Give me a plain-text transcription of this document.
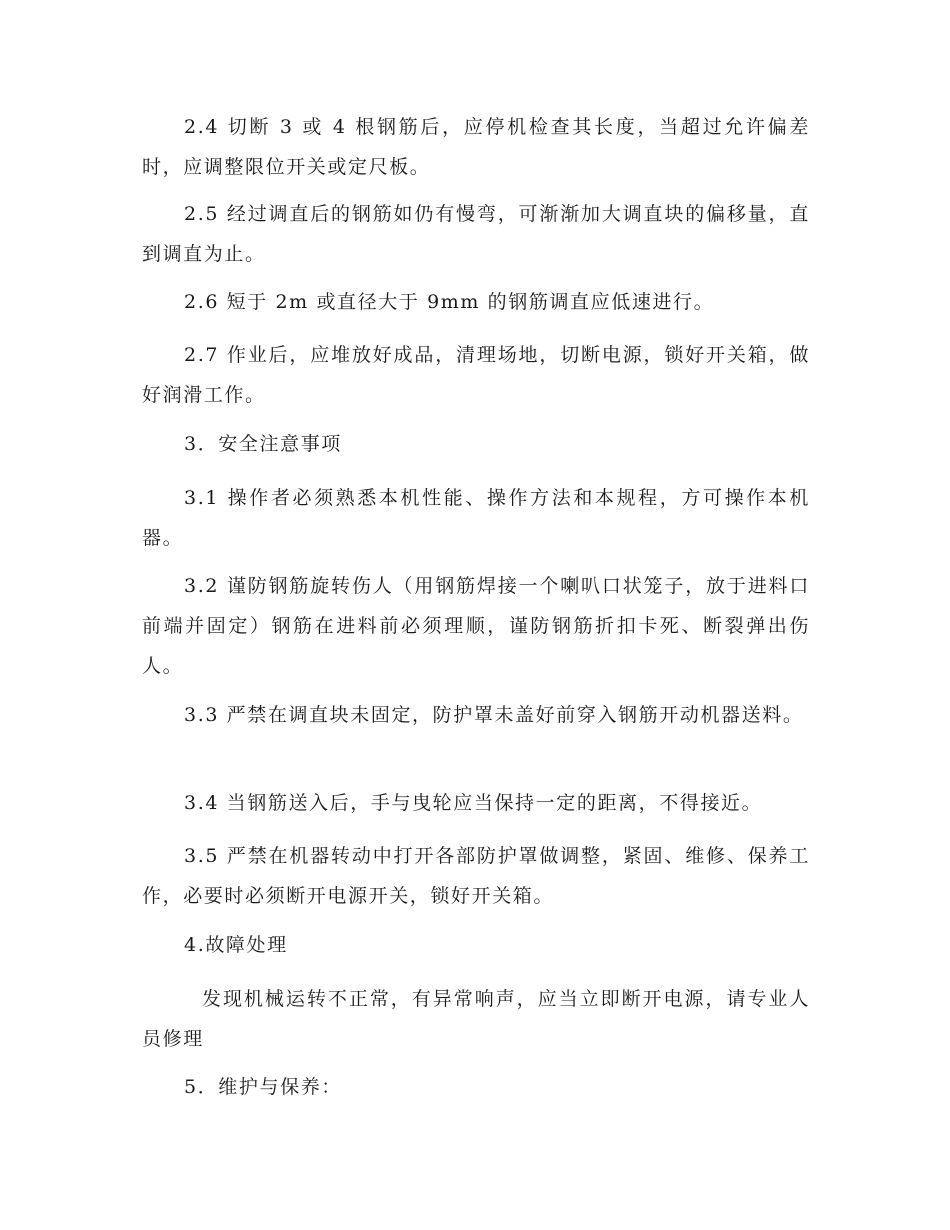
2.4 切断 3 或 4 根钢筋后，应停机检查其长度，当超过允许偏差时，应调整限位开关或定尺板。

2.5 经过调直后的钢筋如仍有慢弯，可渐渐加大调直块的偏移量，直到调直为止。

2.6 短于 2m 或直径大于 9mm 的钢筋调直应低速进行。

2.7 作业后，应堆放好成品，清理场地，切断电源，锁好开关箱，做好润滑工作。

3．安全注意事项

3.1 操作者必须熟悉本机性能、操作方法和本规程，方可操作本机器。

3.2 谨防钢筋旋转伤人（用钢筋焊接一个喇叭口状笼子，放于进料口前端并固定）钢筋在进料前必须理顺，谨防钢筋折扣卡死、断裂弹出伤人。

3.3 严禁在调直块未固定，防护罩未盖好前穿入钢筋开动机器送料。

3.4 当钢筋送入后，手与曳轮应当保持一定的距离，不得接近。

3.5 严禁在机器转动中打开各部防护罩做调整，紧固、维修、保养工作，必要时必须断开电源开关，锁好开关箱。

4.故障处理

发现机械运转不正常，有异常响声，应当立即断开电源，请专业人员修理

5．维护与保养：
